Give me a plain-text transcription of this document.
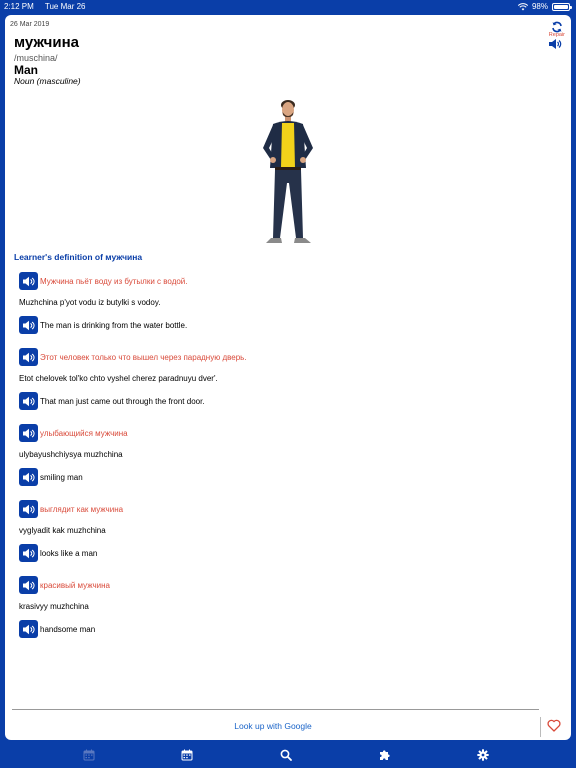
2:12 PM Tue Mar 26	98%
26 Mar 2019
Repair
мужчина
/muschina/
Man
Noun (masculine)
Learner's definition of мужчина
Мужчина пьёт воду из бутылки с водой.
Muzhchina p'yot vodu iz butylki s vodoy.
The man is drinking from the water bottle.
Этот человек только что вышел через парадную дверь.
Etot chelovek tol'ko chto vyshel cherez paradnuyu dver'.
That man just came out through the front door.
улыбающийся мужчина
ulybayushchiysya muzhchina
smiling man
выглядит как мужчина
vyglyadit kak muzhchina
looks like a man
красивый мужчина
krasivyy muzhchina
handsome man
Look up with Google
